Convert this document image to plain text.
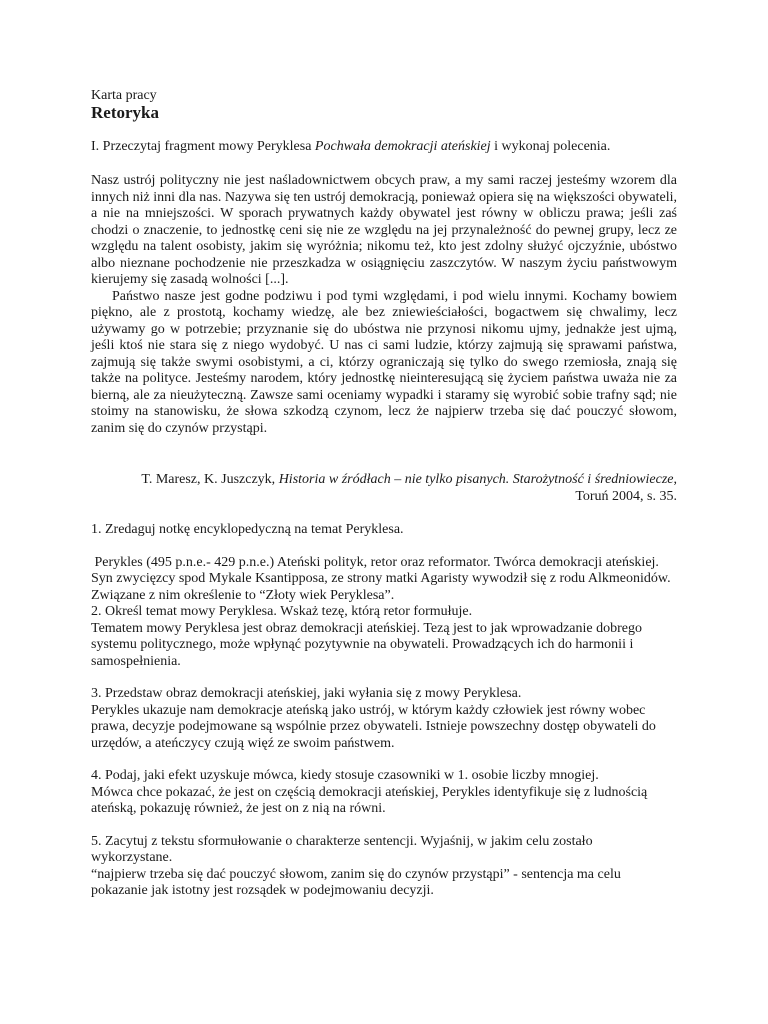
Karta pracy
Retoryka
I. Przeczytaj fragment mowy Peryklesa Pochwała demokracji ateńskiej i wykonaj polecenia.

Nasz ustrój polityczny nie jest naśladownictwem obcych praw, a my sami raczej jesteśmy wzorem dla innych niż inni dla nas. Nazywa się ten ustrój demokracją, ponieważ opiera się na większości obywateli, a nie na mniejszości. W sporach prywatnych każdy obywatel jest równy w obliczu prawa; jeśli zaś chodzi o znaczenie, to jednostkę ceni się nie ze względu na jej przynależność do pewnej grupy, lecz ze względu na talent osobisty, jakim się wyróżnia; nikomu też, kto jest zdolny służyć ojczyźnie, ubóstwo albo nieznane pochodzenie nie przeszkadza w osiągnięciu zaszczytów. W naszym życiu państwowym kierujemy się zasadą wolności [...].

Państwo nasze jest godne podziwu i pod tymi względami, i pod wielu innymi. Kochamy bowiem piękno, ale z prostotą, kochamy wiedzę, ale bez zniewieściałości, bogactwem się chwalimy, lecz używamy go w potrzebie; przyznanie się do ubóstwa nie przynosi nikomu ujmy, jednakże jest ujmą, jeśli ktoś nie stara się z niego wydobyć. U nas ci sami ludzie, którzy zajmują się sprawami państwa, zajmują się także swymi osobistymi, a ci, którzy ograniczają się tylko do swego rzemiosła, znają się także na polityce. Jesteśmy narodem, który jednostkę nieinteresującą się życiem państwa uważa nie za bierną, ale za nieużyteczną. Zawsze sami oceniamy wypadki i staramy się wyrobić sobie trafny sąd; nie stoimy na stanowisku, że słowa szkodzą czynom, lecz że najpierw trzeba się dać pouczyć słowom, zanim się do czynów przystąpi.

T. Maresz, K. Juszczyk, Historia w źródłach – nie tylko pisanych. Starożytność i średniowiecze,
Toruń 2004, s. 35.

1. Zredaguj notkę encyklopedyczną na temat Peryklesa.

Perykles (495 p.n.e.- 429 p.n.e.) Ateński polityk, retor oraz reformator. Twórca demokracji ateńskiej. Syn zwycięzcy spod Mykale Ksantipposa, ze strony matki Agaristy wywodził się z rodu Alkmeonidów. Związane z nim określenie to “Złoty wiek Peryklesa”.

2. Określ temat mowy Peryklesa. Wskaż tezę, którą retor formułuje.

Tematem mowy Peryklesa jest obraz demokracji ateńskiej. Tezą jest to jak wprowadzanie dobrego systemu politycznego, może wpłynąć pozytywnie na obywateli. Prowadzących ich do harmonii i samospełnienia.

3. Przedstaw obraz demokracji ateńskiej, jaki wyłania się z mowy Peryklesa.

Perykles ukazuje nam demokracje ateńską jako ustrój, w którym każdy człowiek jest równy wobec prawa, decyzje podejmowane są wspólnie przez obywateli. Istnieje powszechny dostęp obywateli do urzędów, a ateńczycy czują więź ze swoim państwem.

4. Podaj, jaki efekt uzyskuje mówca, kiedy stosuje czasowniki w 1. osobie liczby mnogiej.

Mówca chce pokazać, że jest on częścią demokracji ateńskiej, Perykles identyfikuje się z ludnością ateńską, pokazuję również, że jest on z nią na równi.

5. Zacytuj z tekstu sformułowanie o charakterze sentencji. Wyjaśnij, w jakim celu zostało wykorzystane.

“najpierw trzeba się dać pouczyć słowom, zanim się do czynów przystąpi” - sentencja ma celu pokazanie jak istotny jest rozsądek w podejmowaniu decyzji.
